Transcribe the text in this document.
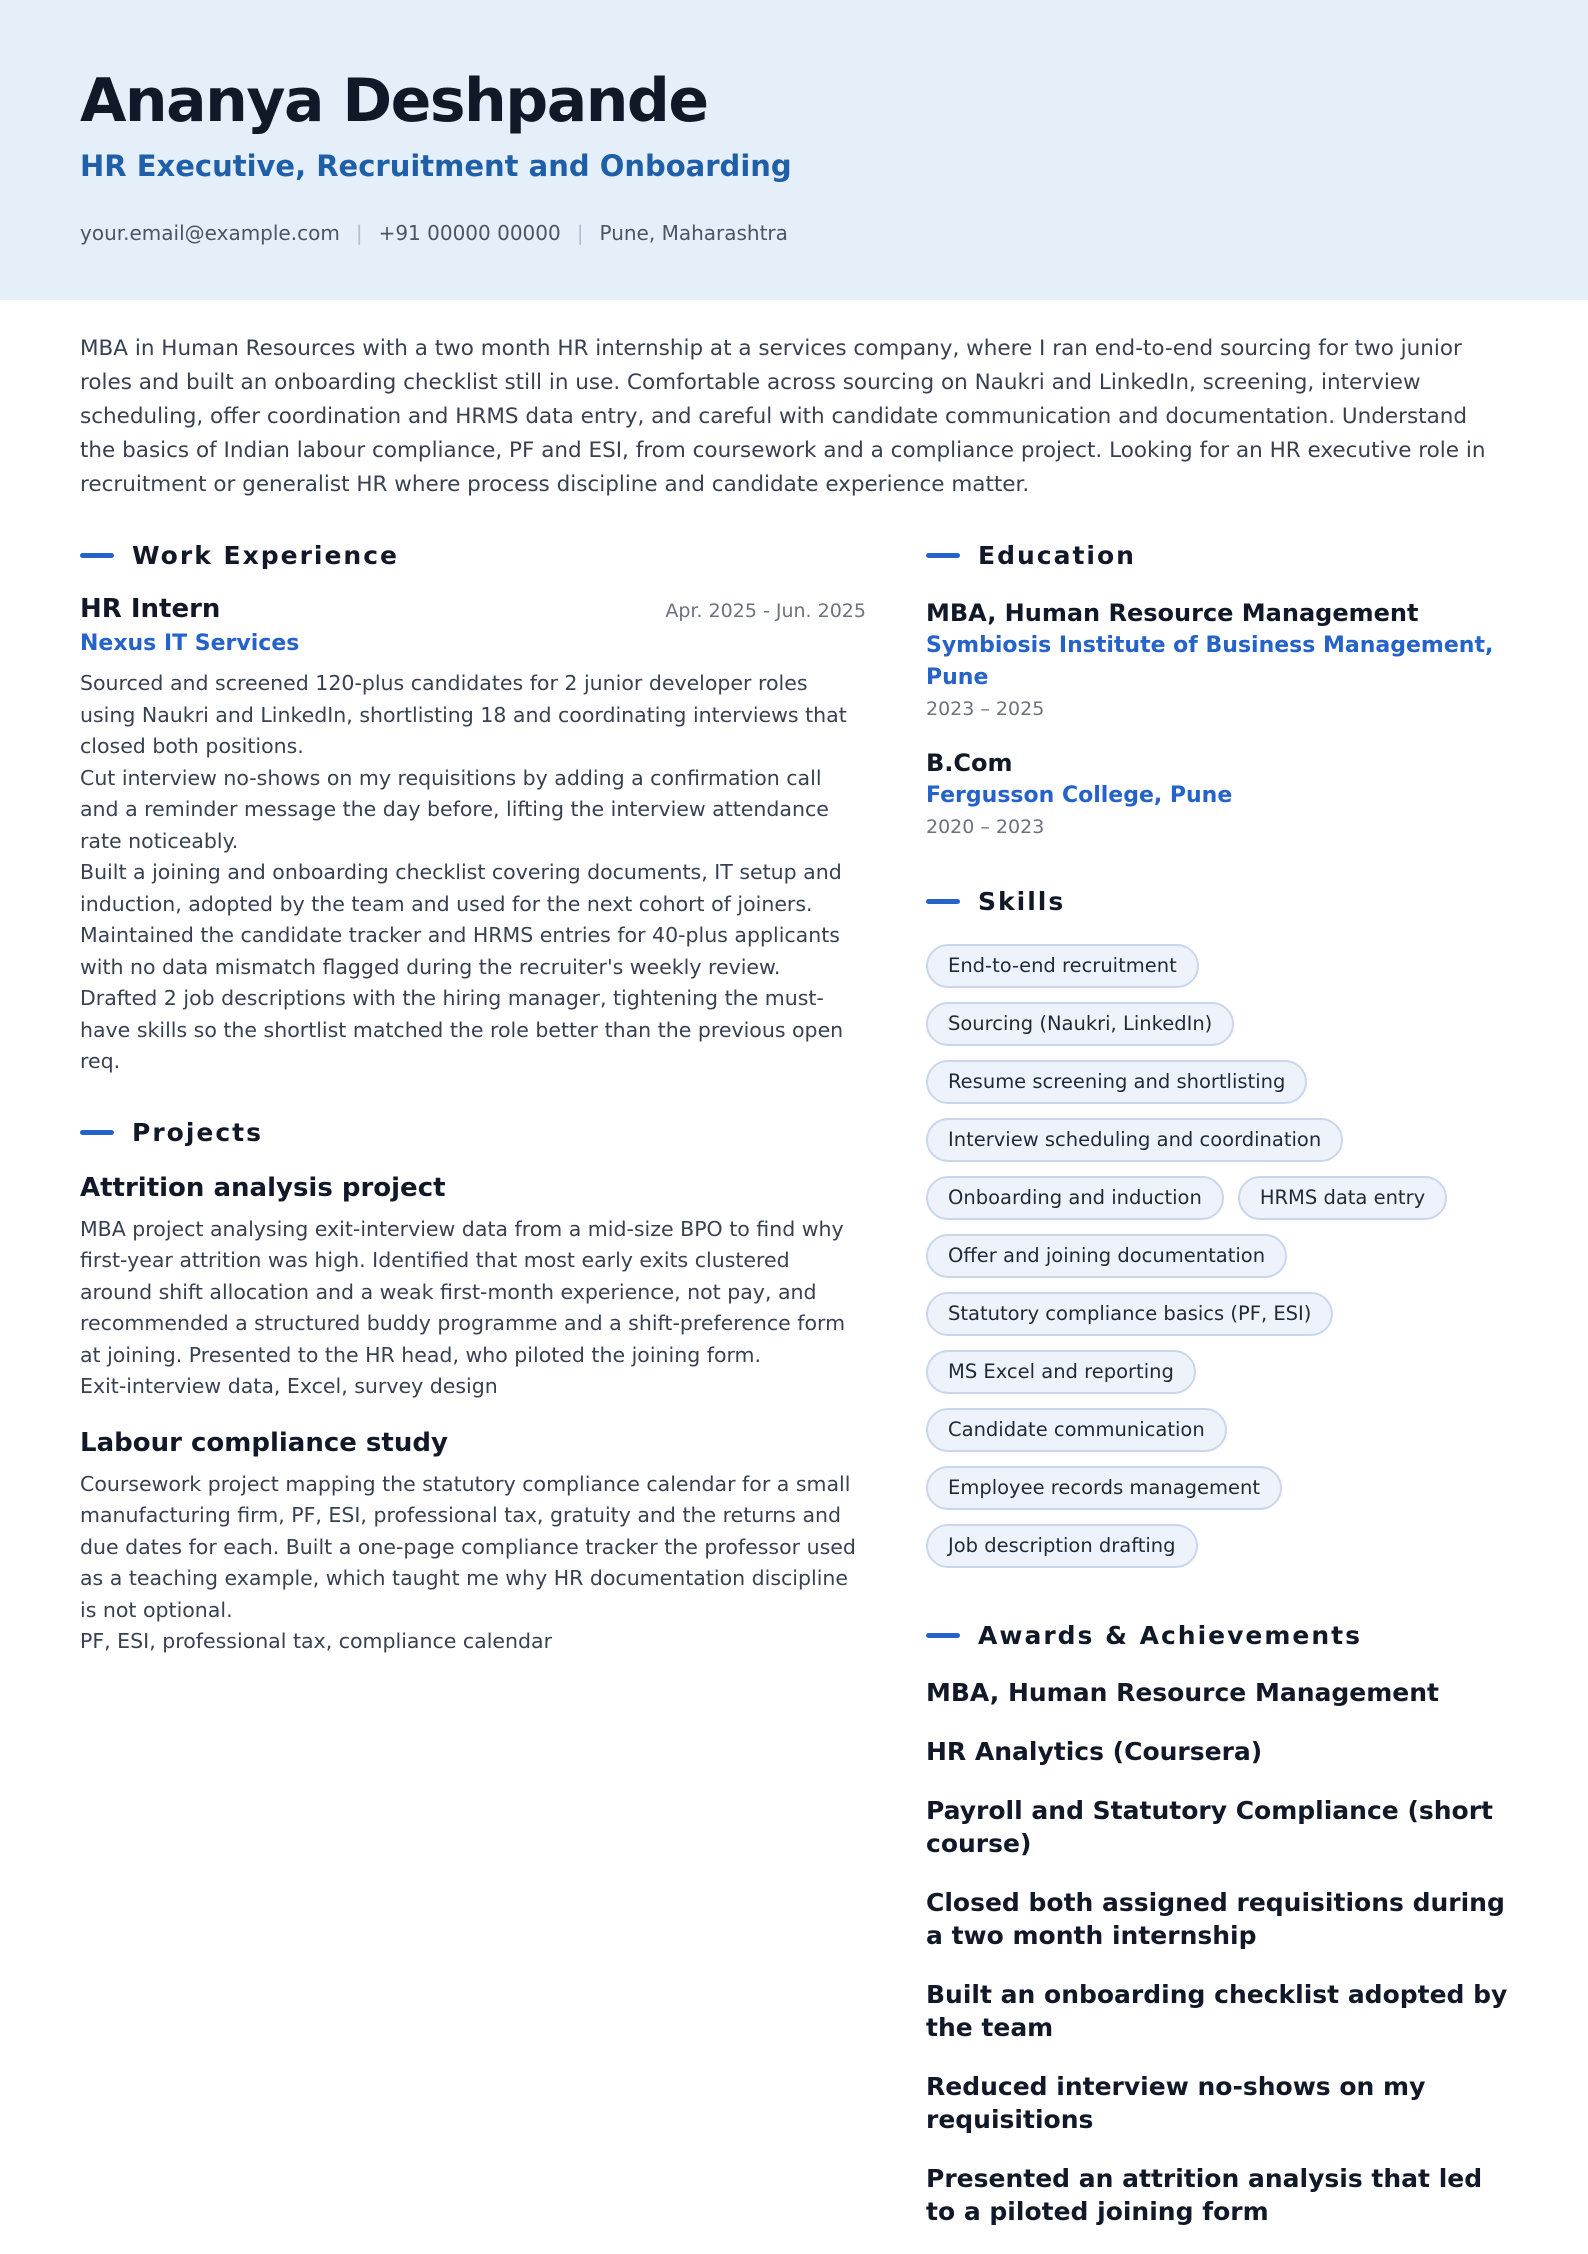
Ananya Deshpande
HR Executive, Recruitment and Onboarding
your.email@example.com | +91 00000 00000 | Pune, Maharashtra
MBA in Human Resources with a two month HR internship at a services company, where I ran end-to-end sourcing for two junior roles and built an onboarding checklist still in use. Comfortable across sourcing on Naukri and LinkedIn, screening, interview scheduling, offer coordination and HRMS data entry, and careful with candidate communication and documentation. Understand the basics of Indian labour compliance, PF and ESI, from coursework and a compliance project. Looking for an HR executive role in recruitment or generalist HR where process discipline and candidate experience matter.
Work Experience
HR Intern	Apr. 2025 - Jun. 2025
Nexus IT Services
Sourced and screened 120-plus candidates for 2 junior developer roles using Naukri and LinkedIn, shortlisting 18 and coordinating interviews that closed both positions.
Cut interview no-shows on my requisitions by adding a confirmation call and a reminder message the day before, lifting the interview attendance rate noticeably.
Built a joining and onboarding checklist covering documents, IT setup and induction, adopted by the team and used for the next cohort of joiners.
Maintained the candidate tracker and HRMS entries for 40-plus applicants with no data mismatch flagged during the recruiter's weekly review.
Drafted 2 job descriptions with the hiring manager, tightening the must-have skills so the shortlist matched the role better than the previous open req.
Projects
Attrition analysis project
MBA project analysing exit-interview data from a mid-size BPO to find why first-year attrition was high. Identified that most early exits clustered around shift allocation and a weak first-month experience, not pay, and recommended a structured buddy programme and a shift-preference form at joining. Presented to the HR head, who piloted the joining form.
Exit-interview data, Excel, survey design
Labour compliance study
Coursework project mapping the statutory compliance calendar for a small manufacturing firm, PF, ESI, professional tax, gratuity and the returns and due dates for each. Built a one-page compliance tracker the professor used as a teaching example, which taught me why HR documentation discipline is not optional.
PF, ESI, professional tax, compliance calendar
Education
MBA, Human Resource Management
Symbiosis Institute of Business Management, Pune
2023 – 2025
B.Com
Fergusson College, Pune
2020 – 2023
Skills
End-to-end recruitment
Sourcing (Naukri, LinkedIn)
Resume screening and shortlisting
Interview scheduling and coordination
Onboarding and induction	HRMS data entry
Offer and joining documentation
Statutory compliance basics (PF, ESI)
MS Excel and reporting
Candidate communication
Employee records management
Job description drafting
Awards & Achievements
MBA, Human Resource Management
HR Analytics (Coursera)
Payroll and Statutory Compliance (short course)
Closed both assigned requisitions during a two month internship
Built an onboarding checklist adopted by the team
Reduced interview no-shows on my requisitions
Presented an attrition analysis that led to a piloted joining form
